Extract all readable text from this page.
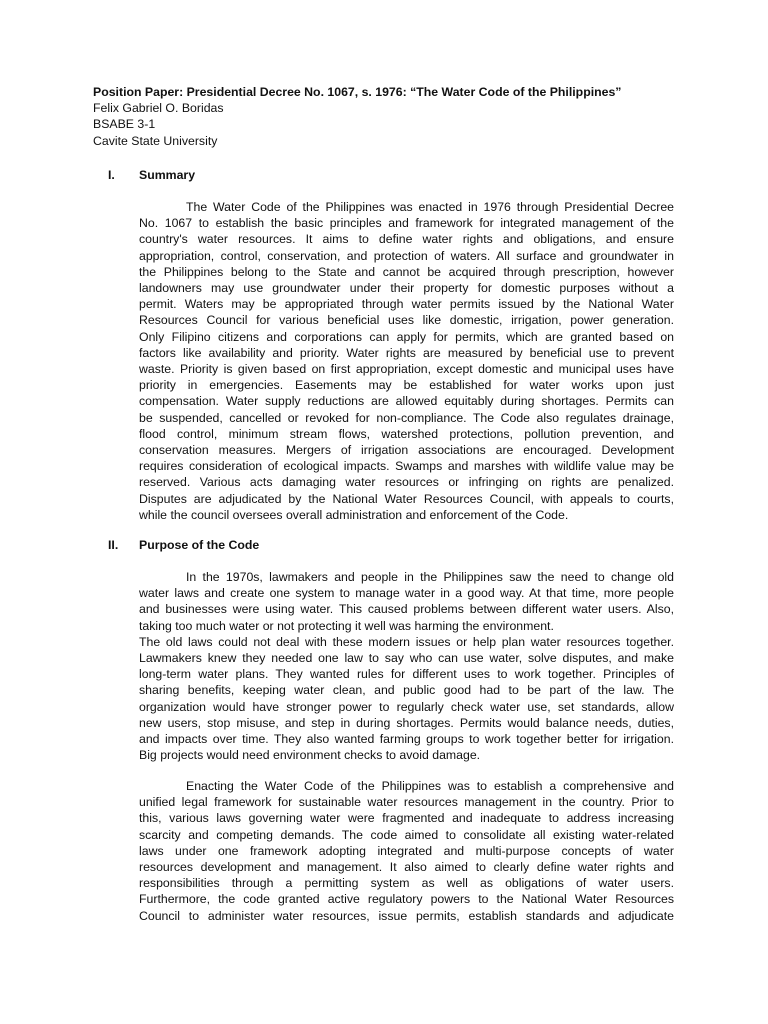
Position Paper: Presidential Decree No. 1067, s. 1976: “The Water Code of the Philippines”
Felix Gabriel O. Boridas
BSABE 3-1
Cavite State University
I.	Summary
The Water Code of the Philippines was enacted in 1976 through Presidential Decree
No. 1067 to establish the basic principles and framework for integrated management of the
country's water resources. It aims to define water rights and obligations, and ensure
appropriation, control, conservation, and protection of waters. All surface and groundwater in
the Philippines belong to the State and cannot be acquired through prescription, however
landowners may use groundwater under their property for domestic purposes without a
permit. Waters may be appropriated through water permits issued by the National Water
Resources Council for various beneficial uses like domestic, irrigation, power generation.
Only Filipino citizens and corporations can apply for permits, which are granted based on
factors like availability and priority. Water rights are measured by beneficial use to prevent
waste. Priority is given based on first appropriation, except domestic and municipal uses have
priority in emergencies. Easements may be established for water works upon just
compensation. Water supply reductions are allowed equitably during shortages. Permits can
be suspended, cancelled or revoked for non-compliance. The Code also regulates drainage,
flood control, minimum stream flows, watershed protections, pollution prevention, and
conservation measures. Mergers of irrigation associations are encouraged. Development
requires consideration of ecological impacts. Swamps and marshes with wildlife value may be
reserved. Various acts damaging water resources or infringing on rights are penalized.
Disputes are adjudicated by the National Water Resources Council, with appeals to courts,
while the council oversees overall administration and enforcement of the Code.
II.	Purpose of the Code
In the 1970s, lawmakers and people in the Philippines saw the need to change old
water laws and create one system to manage water in a good way. At that time, more people
and businesses were using water. This caused problems between different water users. Also,
taking too much water or not protecting it well was harming the environment.
The old laws could not deal with these modern issues or help plan water resources together.
Lawmakers knew they needed one law to say who can use water, solve disputes, and make
long-term water plans. They wanted rules for different uses to work together. Principles of
sharing benefits, keeping water clean, and public good had to be part of the law. The
organization would have stronger power to regularly check water use, set standards, allow
new users, stop misuse, and step in during shortages. Permits would balance needs, duties,
and impacts over time. They also wanted farming groups to work together better for irrigation.
Big projects would need environment checks to avoid damage.
Enacting the Water Code of the Philippines was to establish a comprehensive and
unified legal framework for sustainable water resources management in the country. Prior to
this, various laws governing water were fragmented and inadequate to address increasing
scarcity and competing demands. The code aimed to consolidate all existing water-related
laws under one framework adopting integrated and multi-purpose concepts of water
resources development and management. It also aimed to clearly define water rights and
responsibilities through a permitting system as well as obligations of water users.
Furthermore, the code granted active regulatory powers to the National Water Resources
Council to administer water resources, issue permits, establish standards and adjudicate
